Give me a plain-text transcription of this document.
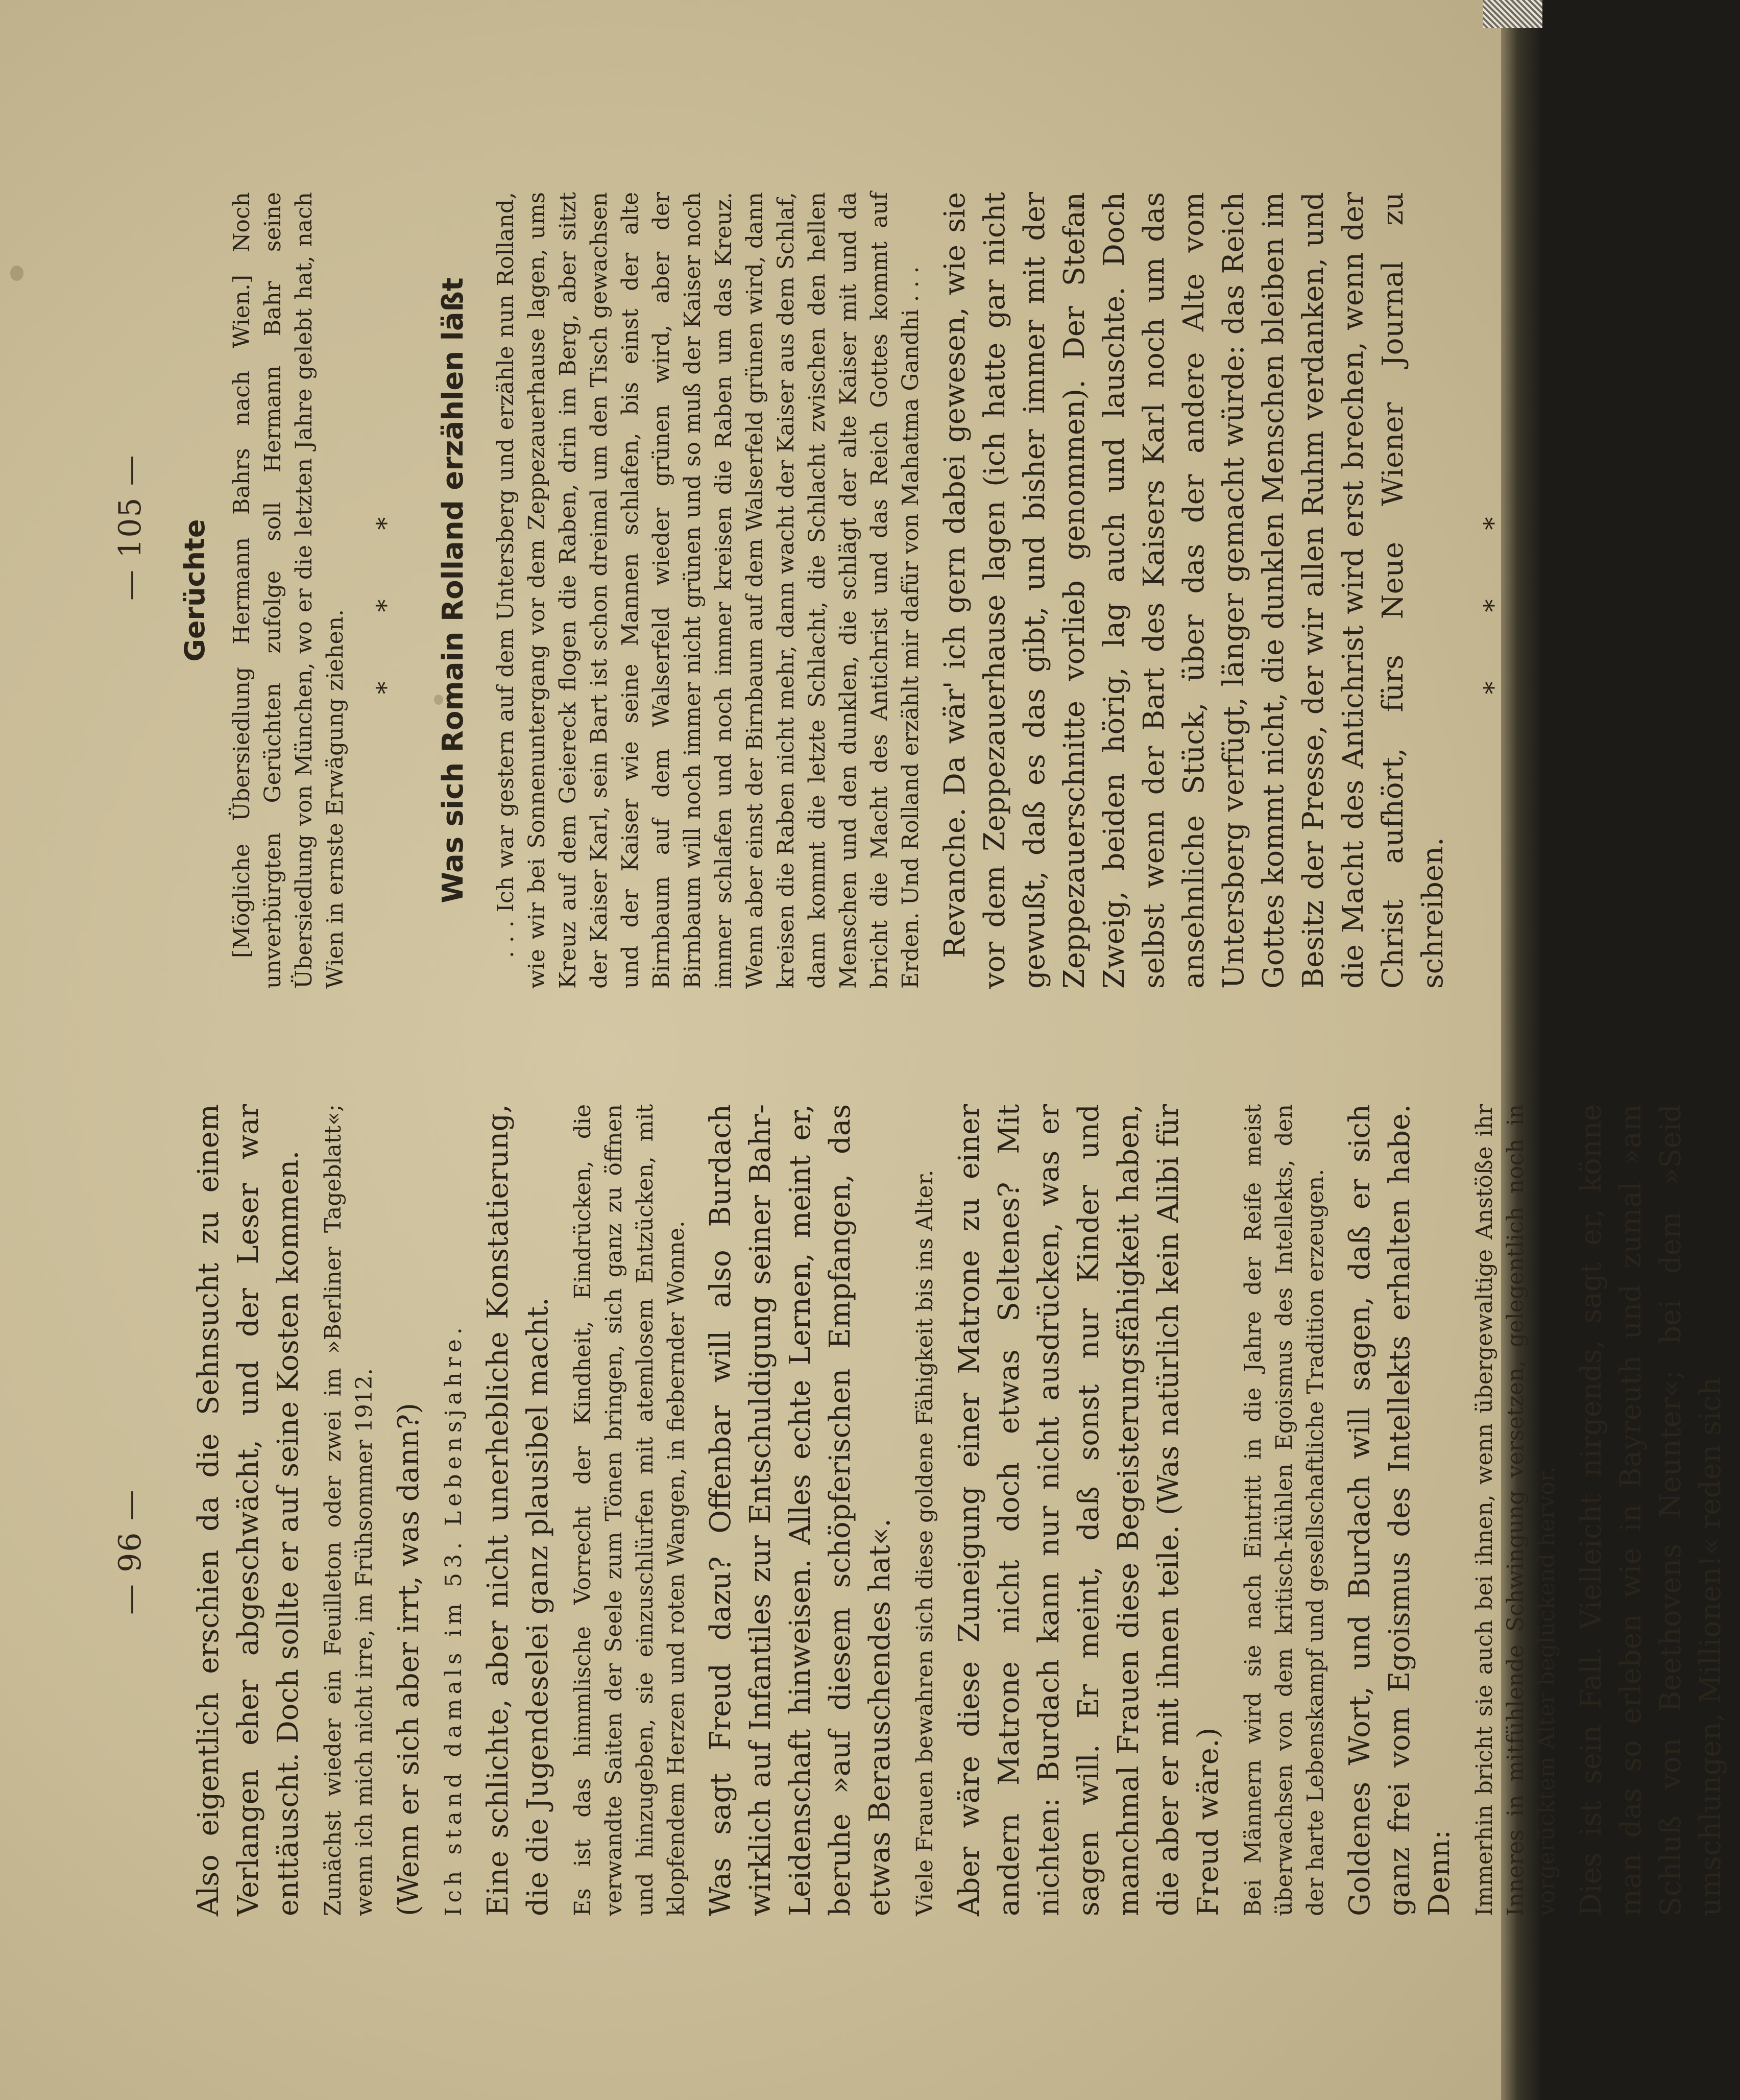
— 96 — Also eigentlich erschien da die Sehnsucht zu einem Verlangen eher abgeschwächt, und der Leser war enttäuscht. Doch sollte er auf seine Kosten kommen. Zunächst wieder ein Feuilleton oder zwei im »Berliner Tageblatt«; wenn ich mich nicht irre, im Frühsommer 1912. (Wenn er sich aber irrt, was dann?) Ich stand damals im 53. Lebensjahre. Eine schlichte, aber nicht unerhebliche Konstatierung, die die Jugendeselei ganz plausibel macht. Es ist das himmlische Vorrecht der Kindheit, Eindrücken, die verwandte Saiten der Seele zum Tönen bringen, sich ganz zu öffnen und hinzugeben, sie einzuschlürfen mit atemlosem Entzücken, mit klopfendem Herzen und roten Wangen, in fiebernder Wonne. Was sagt Freud dazu? Offenbar will also Burdach wirklich auf Infantiles zur Entschuldigung seiner Bahr-Leidenschaft hinweisen. Alles echte Lernen, meint er, beruhe »auf diesem schöpferischen Empfangen, das etwas Berauschendes hat«. Viele Frauen bewahren sich diese goldene Fähigkeit bis ins Alter. Aber wäre diese Zuneigung einer Matrone zu einer andern Matrone nicht doch etwas Seltenes? Mit nichten: Burdach kann nur nicht ausdrücken, was er sagen will. Er meint, daß sonst nur Kinder und manchmal Frauen diese Begeisterungsfähigkeit haben, die aber er mit ihnen teile. (Was natürlich kein Alibi für Freud wäre.) Bei Männern wird sie nach Eintritt in die Jahre der Reife meist überwachsen von dem kritisch-kühlen Egoismus des Intellekts, den der harte Lebenskampf und gesellschaftliche Tradition erzeugen. Goldenes Wort, und Burdach will sagen, daß er sich ganz frei vom Egoismus des Intellekts erhalten habe. Denn: Immerhin bricht sie auch bei ihnen, wenn übergewaltige Anstöße ihr Inneres in mitfühlende Schwingung versetzen, gelegentlich noch in vorgerücktem Alter beglückend hervor. Dies ist sein Fall. Vielleicht nirgends, sagt er, könne man das so erleben wie in Bayreuth und zumal »am Schluß von Beethovens Neunter«; bei dem »Seid umschlungen, Millionen!« reden sich

— 105 — Gerüchte [Mögliche Übersiedlung Hermann Bahrs nach Wien.] Noch unverbürgten Gerüchten zufolge soll Hermann Bahr seine Übersiedlung von München, wo er die letzten Jahre gelebt hat, nach Wien in ernste Erwägung ziehen.

* * * Was sich Romain Rolland erzählen läßt . . . Ich war gestern auf dem Untersberg und erzähle nun Rolland, wie wir bei Sonnenuntergang vor dem Zeppezauerhause lagen, ums Kreuz auf dem Geiereck flogen die Raben, drin im Berg, aber sitzt der Kaiser Karl, sein Bart ist schon dreimal um den Tisch gewachsen und der Kaiser wie seine Mannen schlafen, bis einst der alte Birnbaum auf dem Walserfeld wieder grünen wird, aber der Birnbaum will noch immer nicht grünen und so muß der Kaiser noch immer schlafen und noch immer kreisen die Raben um das Kreuz. Wenn aber einst der Birnbaum auf dem Walserfeld grünen wird, dann kreisen die Raben nicht mehr, dann wacht der Kaiser aus dem Schlaf, dann kommt die letzte Schlacht, die Schlacht zwischen den hellen Menschen und den dunklen, die schlägt der alte Kaiser mit und da bricht die Macht des Antichrist und das Reich Gottes kommt auf Erden. Und Rolland erzählt mir dafür von Mahatma Gandhi . . . Revanche. Da wär' ich gern dabei gewesen, wie sie vor dem Zeppezauerhause lagen (ich hatte gar nicht gewußt, daß es das gibt, und bisher immer mit der Zeppezauerschnitte vorlieb genommen). Der Stefan Zweig, beiden hörig, lag auch und lauschte. Doch selbst wenn der Bart des Kaisers Karl noch um das ansehnliche Stück, über das der andere Alte vom Untersberg verfügt, länger gemacht würde: das Reich Gottes kommt nicht, die dunklen Menschen bleiben im Besitz der Presse, der wir allen Ruhm verdanken, und die Macht des Antichrist wird erst brechen, wenn der Christ aufhört, fürs Neue Wiener Journal zu schreiben.

* * *
